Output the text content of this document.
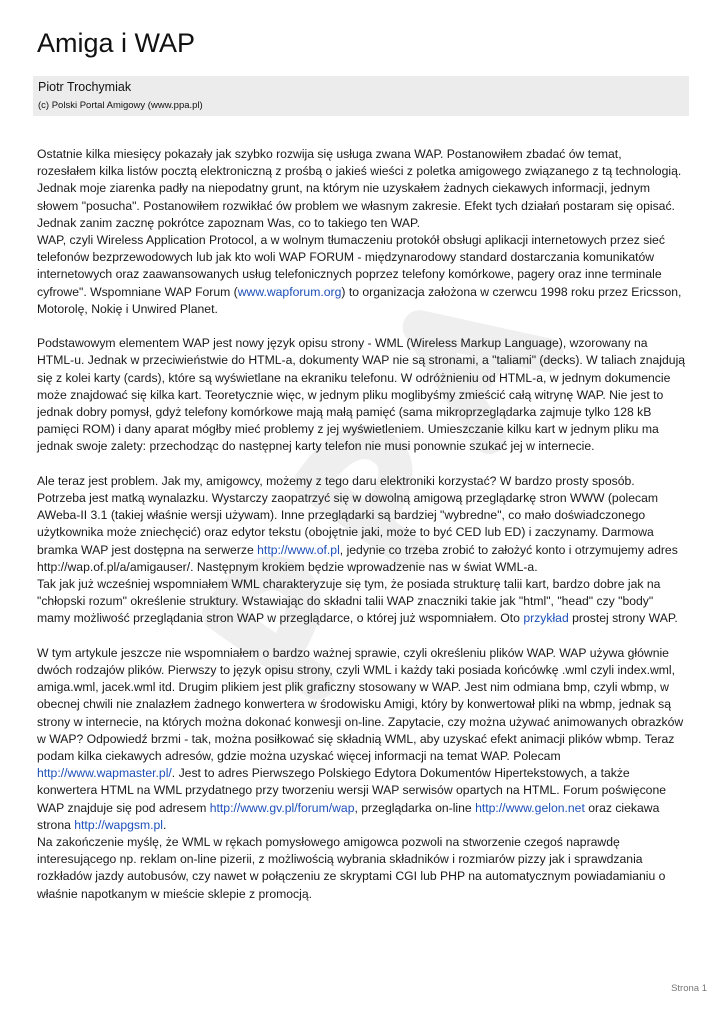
Amiga i WAP
Piotr Trochymiak
(c) Polski Portal Amigowy (www.ppa.pl)

Ostatnie kilka miesięcy pokazały jak szybko rozwija się usługa zwana WAP. Postanowiłem zbadać ów temat,
rozesłałem kilka listów pocztą elektroniczną z prośbą o jakieś wieści z poletka amigowego związanego z tą technologią.
Jednak moje ziarenka padły na niepodatny grunt, na którym nie uzyskałem żadnych ciekawych informacji, jednym
słowem "posucha". Postanowiłem rozwikłać ów problem we własnym zakresie. Efekt tych działań postaram się opisać.
Jednak zanim zacznę pokrótce zapoznam Was, co to takiego ten WAP.

WAP, czyli Wireless Application Protocol, a w wolnym tłumaczeniu protokół obsługi aplikacji internetowych przez sieć
telefonów bezprzewodowych lub jak kto woli WAP FORUM - międzynarodowy standard dostarczania komunikatów
internetowych oraz zaawansowanych usług telefonicznych poprzez telefony komórkowe, pagery oraz inne terminale
cyfrowe". Wspomniane WAP Forum (www.wapforum.org) to organizacja założona w czerwcu 1998 roku przez Ericsson,
Motorolę, Nokię i Unwired Planet.

Podstawowym elementem WAP jest nowy język opisu strony - WML (Wireless Markup Language), wzorowany na
HTML-u. Jednak w przeciwieństwie do HTML-a, dokumenty WAP nie są stronami, a "taliami" (decks). W taliach znajdują
się z kolei karty (cards), które są wyświetlane na ekraniku telefonu. W odróżnieniu od HTML-a, w jednym dokumencie
może znajdować się kilka kart. Teoretycznie więc, w jednym pliku moglibyśmy zmieścić całą witrynę WAP. Nie jest to
jednak dobry pomysł, gdyż telefony komórkowe mają małą pamięć (sama mikroprzeglądarka zajmuje tylko 128 kB
pamięci ROM) i dany aparat mógłby mieć problemy z jej wyświetleniem. Umieszczanie kilku kart w jednym pliku ma
jednak swoje zalety: przechodząc do następnej karty telefon nie musi ponownie szukać jej w internecie.

Ale teraz jest problem. Jak my, amigowcy, możemy z tego daru elektroniki korzystać? W bardzo prosty sposób.
Potrzeba jest matką wynalazku. Wystarczy zaopatrzyć się w dowolną amigową przeglądarkę stron WWW (polecam
AWeba-II 3.1 (takiej właśnie wersji używam). Inne przeglądarki są bardziej "wybredne", co mało doświadczonego
użytkownika może zniechęcić) oraz edytor tekstu (obojętnie jaki, może to być CED lub ED) i zaczynamy. Darmowa
bramka WAP jest dostępna na serwerze http://www.of.pl, jedynie co trzeba zrobić to założyć konto i otrzymujemy adres
http://wap.of.pl/a/amigauser/. Następnym krokiem będzie wprowadzenie nas w świat WML-a.
Tak jak już wcześniej wspomniałem WML charakteryzuje się tym, że posiada strukturę talii kart, bardzo dobre jak na
"chłopski rozum" określenie struktury. Wstawiając do składni talii WAP znaczniki takie jak "html", "head" czy "body"
mamy możliwość przeglądania stron WAP w przeglądarce, o której już wspomniałem. Oto przykład prostej strony WAP.

W tym artykule jeszcze nie wspomniałem o bardzo ważnej sprawie, czyli określeniu plików WAP. WAP używa głównie
dwóch rodzajów plików. Pierwszy to język opisu strony, czyli WML i każdy taki posiada końcówkę .wml czyli index.wml,
amiga.wml, jacek.wml itd. Drugim plikiem jest plik graficzny stosowany w WAP. Jest nim odmiana bmp, czyli wbmp, w
obecnej chwili nie znalazłem żadnego konwertera w środowisku Amigi, który by konwertował pliki na wbmp, jednak są
strony w internecie, na których można dokonać konwesji on-line. Zapytacie, czy można używać animowanych obrazków
w WAP? Odpowiedź brzmi - tak, można posiłkować się składnią WML, aby uzyskać efekt animacji plików wbmp. Teraz
podam kilka ciekawych adresów, gdzie można uzyskać więcej informacji na temat WAP. Polecam
http://www.wapmaster.pl/. Jest to adres Pierwszego Polskiego Edytora Dokumentów Hipertekstowych, a także
konwertera HTML na WML przydatnego przy tworzeniu wersji WAP serwisów opartych na HTML. Forum poświęcone
WAP znajduje się pod adresem http://www.gv.pl/forum/wap, przeglądarka on-line http://www.gelon.net oraz ciekawa
strona http://wapgsm.pl.

Na zakończenie myślę, że WML w rękach pomysłowego amigowca pozwoli na stworzenie czegoś naprawdę
interesującego np. reklam on-line pizerii, z możliwością wybrania składników i rozmiarów pizzy jak i sprawdzania
rozkładów jazdy autobusów, czy nawet w połączeniu ze skryptami CGI lub PHP na automatycznym powiadamianiu o
właśnie napotkanym w mieście sklepie z promocją.

Strona 1
